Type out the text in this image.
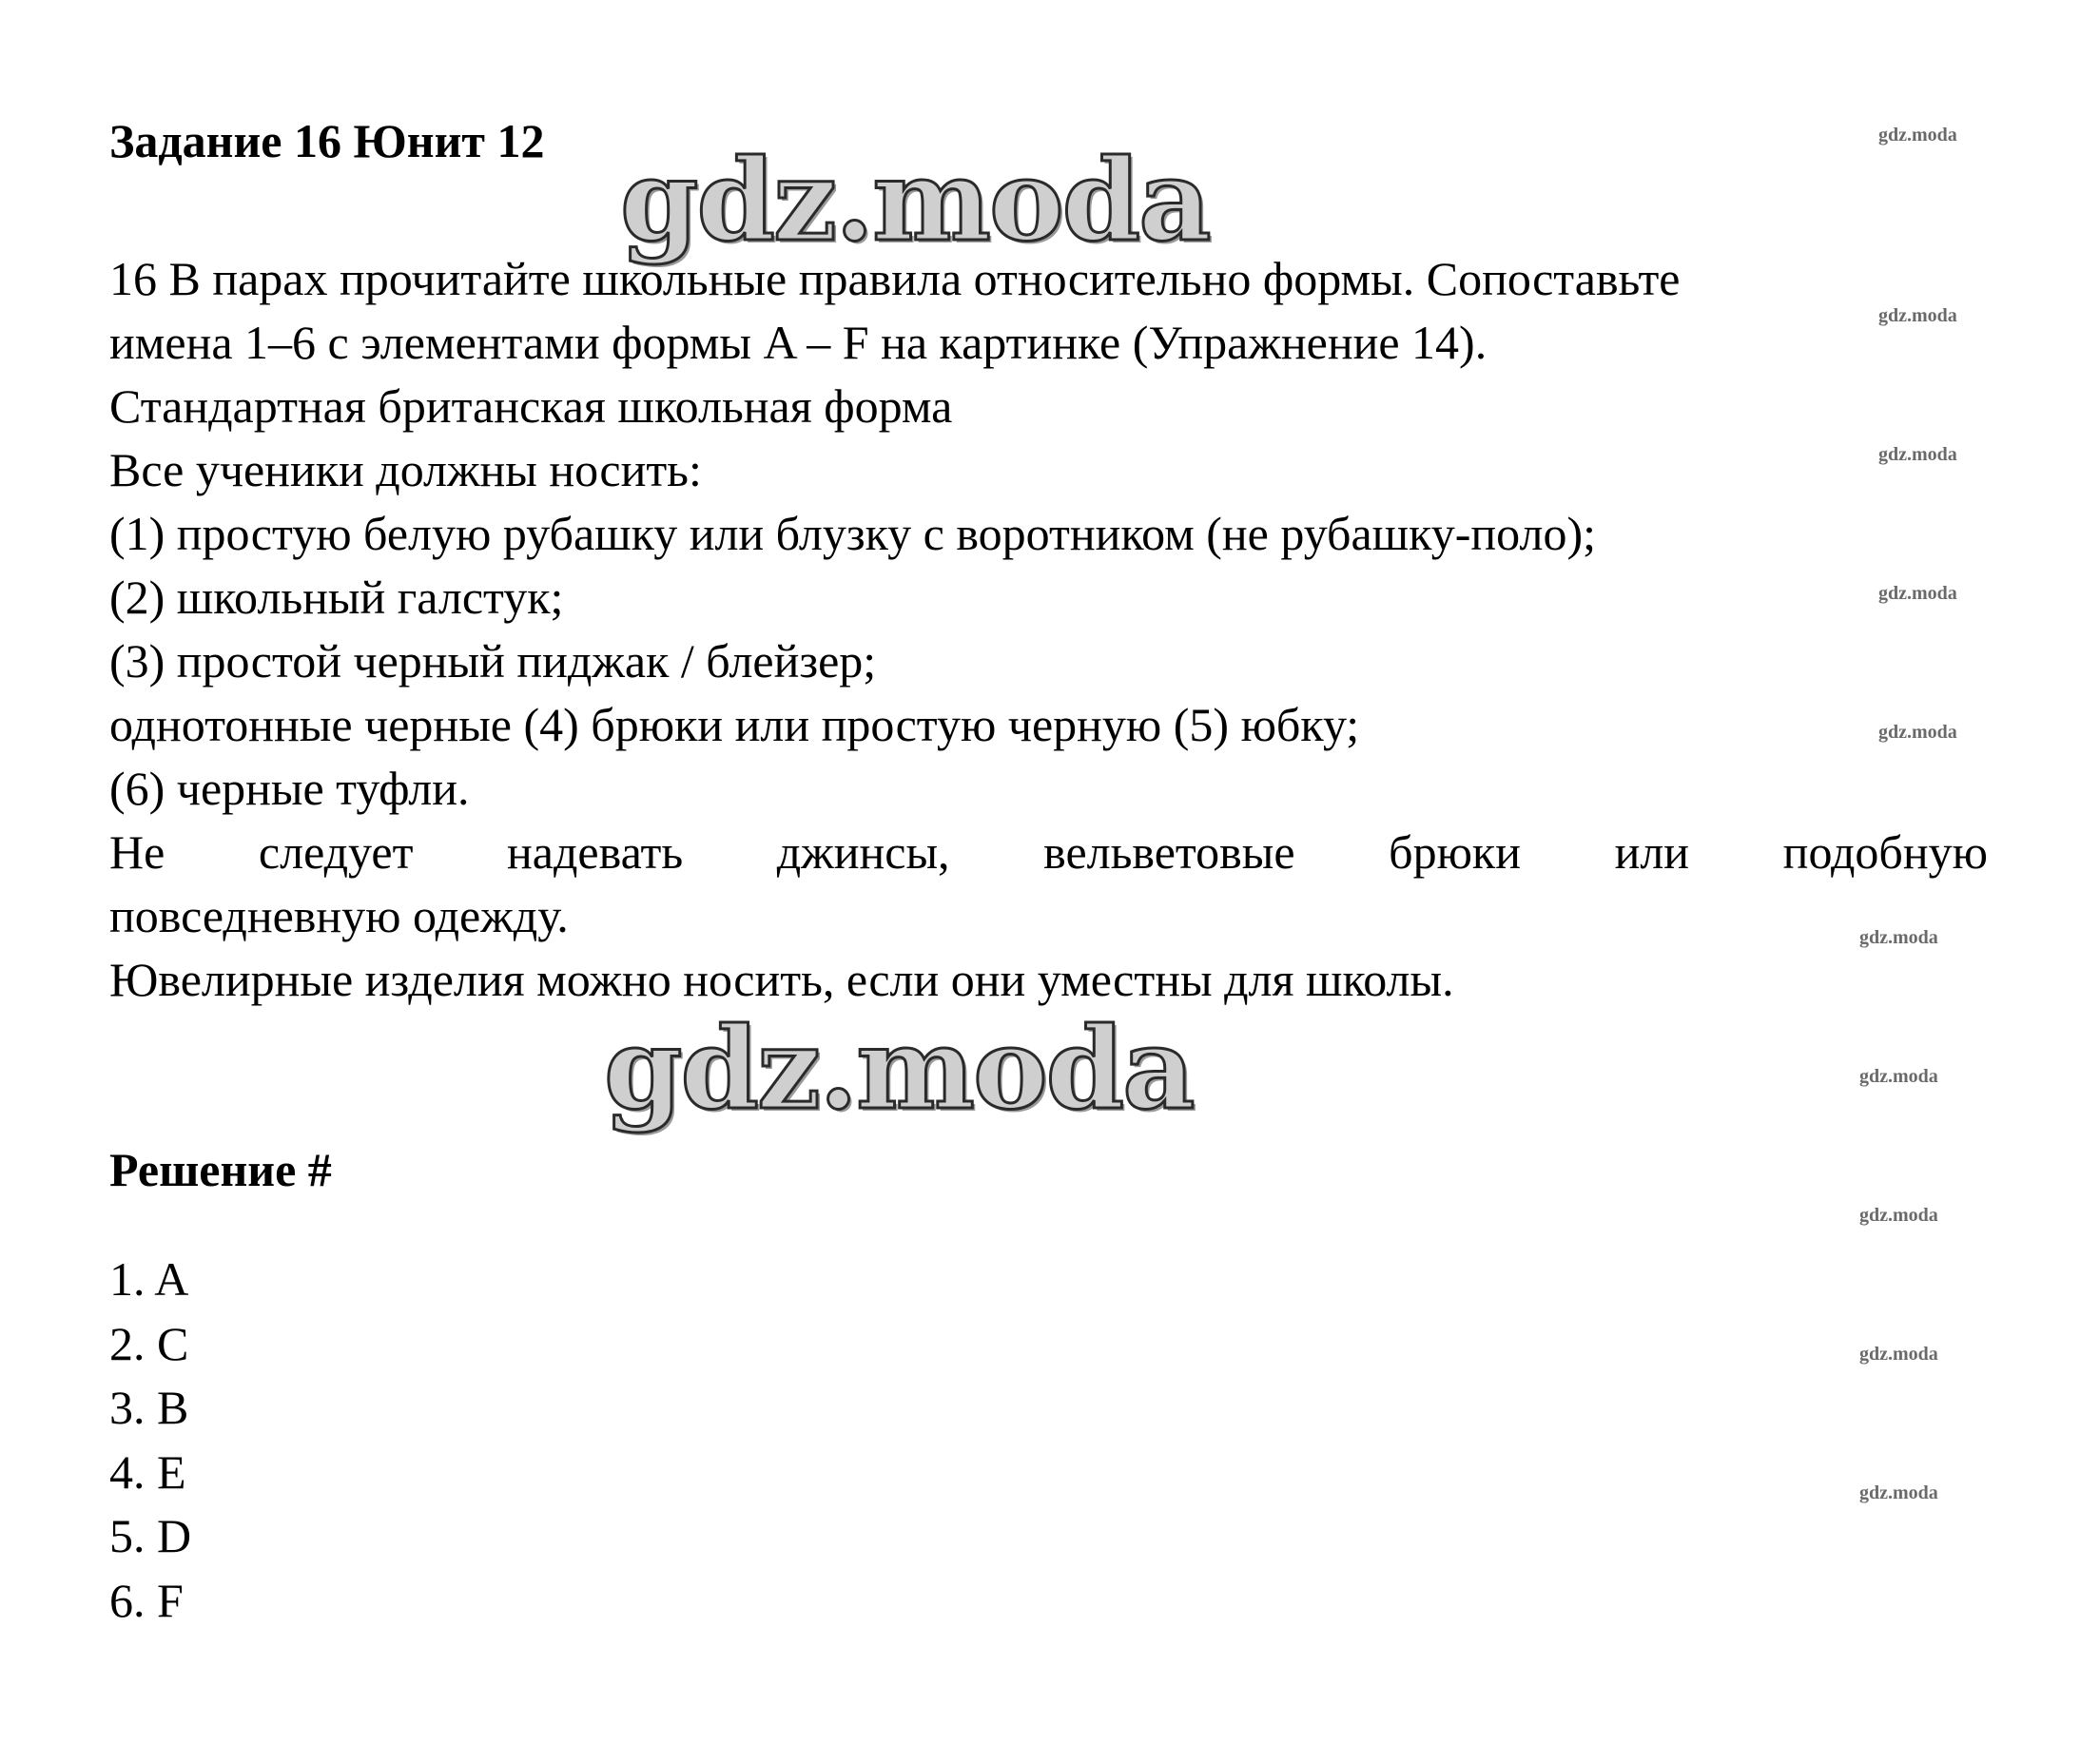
Задание 16 Юнит 12
16 В парах прочитайте школьные правила относительно формы. Сопоставьте
имена 1–6 с элементами формы A – F на картинке (Упражнение 14).
Стандартная британская школьная форма
Все ученики должны носить:
(1) простую белую рубашку или блузку с воротником (не рубашку-поло);
(2) школьный галстук;
(3) простой черный пиджак / блейзер;
однотонные черные (4) брюки или простую черную (5) юбку;
(6) черные туфли.
Не следует надевать джинсы, вельветовые брюки или подобную
повседневную одежду.
Ювелирные изделия можно носить, если они уместны для школы.
Решение #
1. A
2. C
3. B
4. E
5. D
6. F
gdz.moda
gdz.moda
gdz.moda
gdz.moda
gdz.moda
gdz.moda
gdz.moda
gdz.moda
gdz.moda
gdz.moda
gdz.moda
gdz.moda
